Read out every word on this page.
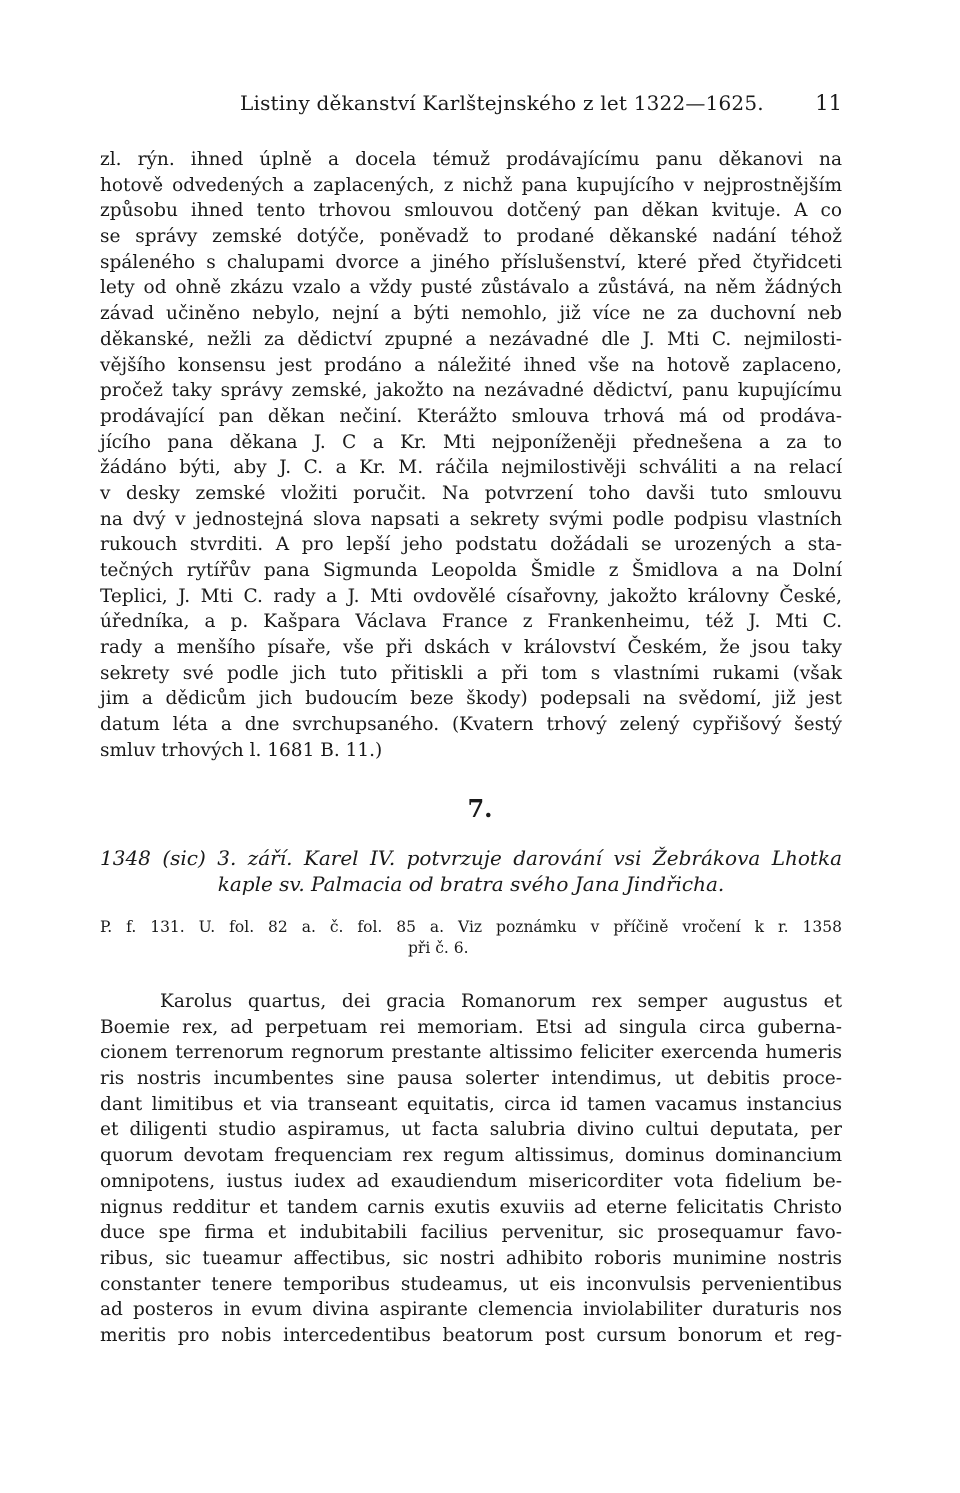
Listiny děkanství Karlštejnského z let 1322—1625. 11
zl. rýn. ihned úplně a docela témuž prodávajícímu panu děkanovi na
hotově odvedených a zaplacených, z nichž pana kupujícího v nejprostnějším
způsobu ihned tento trhovou smlouvou dotčený pan děkan kvituje. A co
se správy zemské dotýče, poněvadž to prodané děkanské nadání téhož
spáleného s chalupami dvorce a jiného příslušenství, které před čtyřidceti
lety od ohně zkázu vzalo a vždy pusté zůstávalo a zůstává, na něm žádných
závad učiněno nebylo, nejní a býti nemohlo, již více ne za duchovní neb
děkanské, nežli za dědictví zpupné a nezávadné dle J. Mti C. nejmilosti-
vějšího konsensu jest prodáno a náležité ihned vše na hotově zaplaceno,
pročež taky správy zemské, jakožto na nezávadné dědictví, panu kupujícímu
prodávající pan děkan nečiní. Kterážto smlouva trhová má od prodáva-
jícího pana děkana J. C a Kr. Mti nejponíženěji přednešena a za to
žádáno býti, aby J. C. a Kr. M. ráčila nejmilostivěji schváliti a na relací
v desky zemské vložiti poručit. Na potvrzení toho davši tuto smlouvu
na dvý v jednostejná slova napsati a sekrety svými podle podpisu vlastních
rukouch stvrditi. A pro lepší jeho podstatu dožádali se urozených a sta-
tečných rytířův pana Sigmunda Leopolda Šmidle z Šmidlova a na Dolní
Teplici, J. Mti C. rady a J. Mti ovdovělé císařovny, jakožto královny České,
úředníka, a p. Kašpara Václava France z Frankenheimu, též J. Mti C.
rady a menšího písaře, vše při dskách v království Českém, že jsou taky
sekrety své podle jich tuto přitiskli a při tom s vlastními rukami (však
jim a dědicům jich budoucím beze škody) podepsali na svědomí, již jest
datum léta a dne svrchupsaného. (Kvatern trhový zelený cypřišový šestý
smluv trhových l. 1681 B. 11.)
7.
1348 (sic) 3. září. Karel IV. potvrzuje darování vsi Žebrákova Lhotka
kaple sv. Palmacia od bratra svého Jana Jindřicha.
P. f. 131. U. fol. 82 a. č. fol. 85 a. Viz poznámku v příčině vročení k r. 1358
při č. 6.
Karolus quartus, dei gracia Romanorum rex semper augustus et
Boemie rex, ad perpetuam rei memoriam. Etsi ad singula circa guberna-
cionem terrenorum regnorum prestante altissimo feliciter exercenda humeris
ris nostris incumbentes sine pausa solerter intendimus, ut debitis proce-
dant limitibus et via transeant equitatis, circa id tamen vacamus instancius
et diligenti studio aspiramus, ut facta salubria divino cultui deputata, per
quorum devotam frequenciam rex regum altissimus, dominus dominancium
omnipotens, iustus iudex ad exaudiendum misericorditer vota fidelium be-
nignus redditur et tandem carnis exutis exuviis ad eterne felicitatis Christo
duce spe firma et indubitabili facilius pervenitur, sic prosequamur favo-
ribus, sic tueamur affectibus, sic nostri adhibito roboris munimine nostris
constanter tenere temporibus studeamus, ut eis inconvulsis pervenientibus
ad posteros in evum divina aspirante clemencia inviolabiliter duraturis nos
meritis pro nobis intercedentibus beatorum post cursum bonorum et reg-
